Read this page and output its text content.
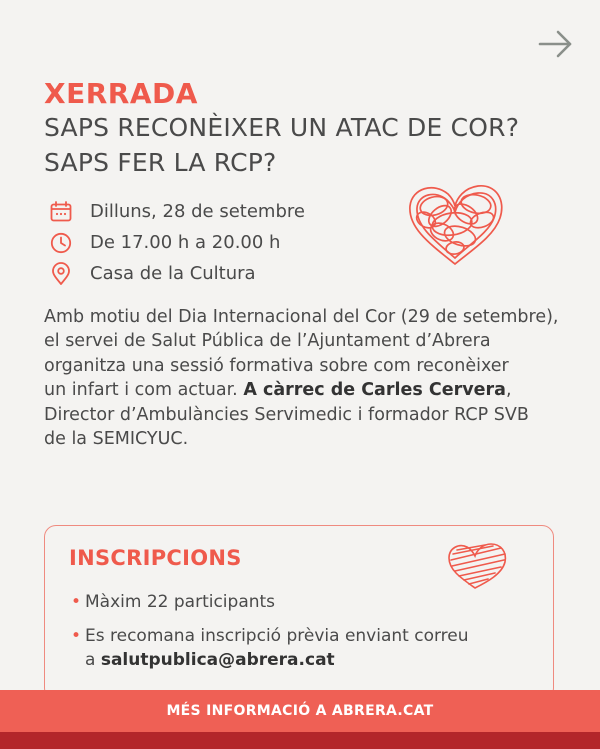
XERRADA
SAPS RECONÈIXER UN ATAC DE COR?
SAPS FER LA RCP?
Dilluns, 28 de setembre
De 17.00 h a 20.00 h
Casa de la Cultura
Amb motiu del Dia Internacional del Cor (29 de setembre),
el servei de Salut Pública de l’Ajuntament d’Abrera
organitza una sessió formativa sobre com reconèixer
un infart i com actuar. A càrrec de Carles Cervera,
Director d’Ambulàncies Servimedic i formador RCP SVB
de la SEMICYUC.
INSCRIPCIONS
• Màxim 22 participants
• Es recomana inscripció prèvia enviant correu
a salutpublica@abrera.cat
MÉS INFORMACIÓ A ABRERA.CAT
